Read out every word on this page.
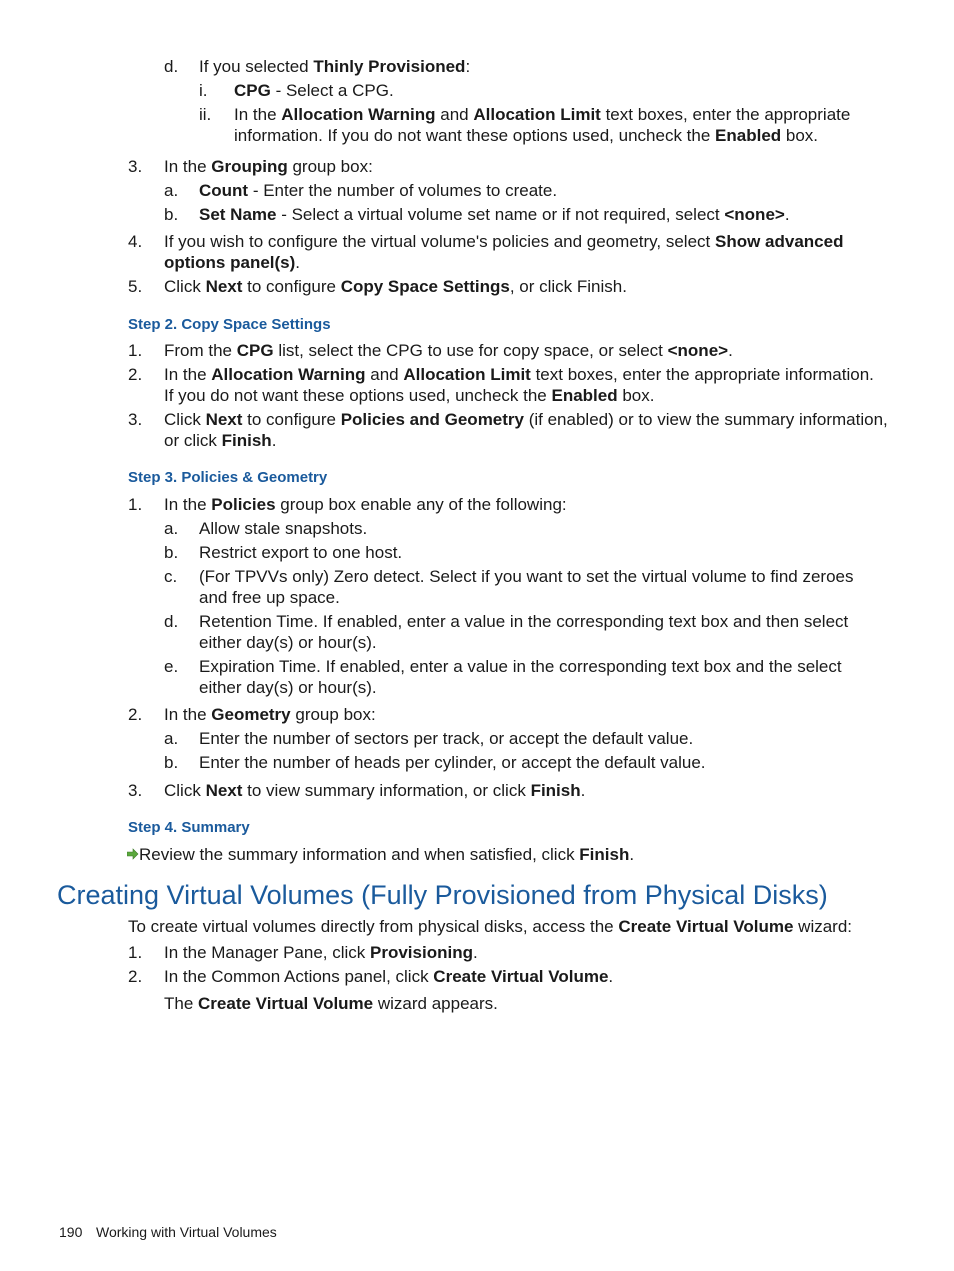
d. If you selected Thinly Provisioned:
i. CPG - Select a CPG.
ii. In the Allocation Warning and Allocation Limit text boxes, enter the appropriate
information. If you do not want these options used, uncheck the Enabled box.
3. In the Grouping group box:
a. Count - Enter the number of volumes to create.
b. Set Name - Select a virtual volume set name or if not required, select <none>.
4. If you wish to configure the virtual volume's policies and geometry, select Show advanced
options panel(s).
5. Click Next to configure Copy Space Settings, or click Finish.
Step 2. Copy Space Settings
1. From the CPG list, select the CPG to use for copy space, or select <none>.
2. In the Allocation Warning and Allocation Limit text boxes, enter the appropriate information.
If you do not want these options used, uncheck the Enabled box.
3. Click Next to configure Policies and Geometry (if enabled) or to view the summary information,
or click Finish.
Step 3. Policies & Geometry
1. In the Policies group box enable any of the following:
a. Allow stale snapshots.
b. Restrict export to one host.
c. (For TPVVs only) Zero detect. Select if you want to set the virtual volume to find zeroes
and free up space.
d. Retention Time. If enabled, enter a value in the corresponding text box and then select
either day(s) or hour(s).
e. Expiration Time. If enabled, enter a value in the corresponding text box and the select
either day(s) or hour(s).
2. In the Geometry group box:
a. Enter the number of sectors per track, or accept the default value.
b. Enter the number of heads per cylinder, or accept the default value.
3. Click Next to view summary information, or click Finish.
Step 4. Summary
Review the summary information and when satisfied, click Finish.
Creating Virtual Volumes (Fully Provisioned from Physical Disks)
To create virtual volumes directly from physical disks, access the Create Virtual Volume wizard:
1. In the Manager Pane, click Provisioning.
2. In the Common Actions panel, click Create Virtual Volume.
The Create Virtual Volume wizard appears.
190 Working with Virtual Volumes
